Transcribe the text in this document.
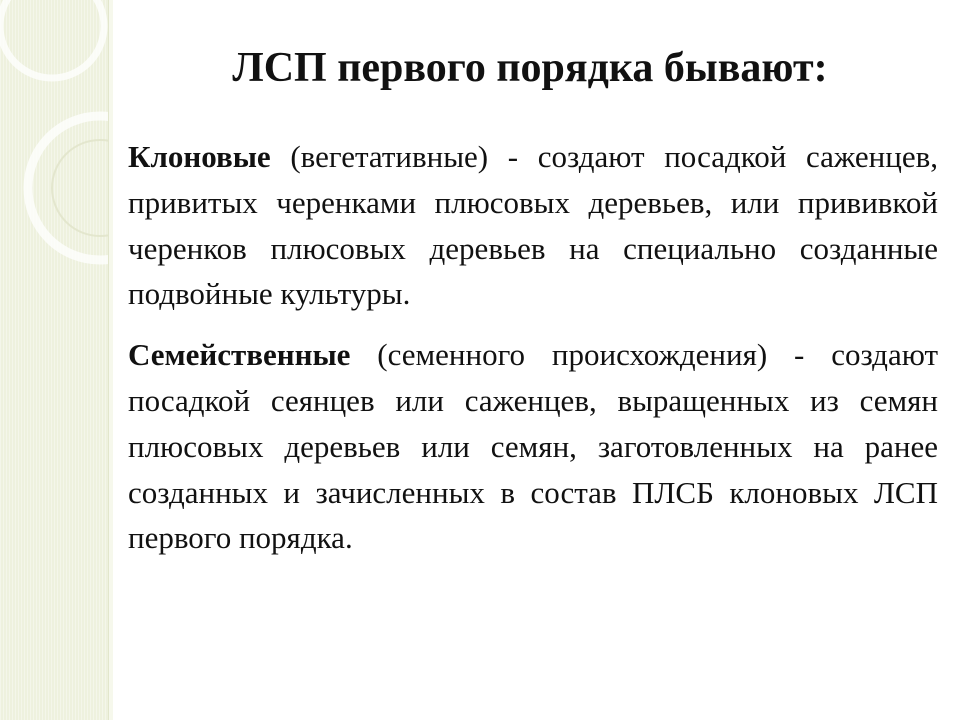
ЛСП первого порядка бывают:

Клоновые (вегетативные) - создают посадкой саженцев, привитых черенками плюсовых деревьев, или прививкой черенков плюсовых деревьев на специально созданные подвойные культуры.

Семейственные (семенного происхождения) - создают посадкой сеянцев или саженцев, выращенных из семян плюсовых деревьев или семян, заготовленных на ранее созданных и зачисленных в состав ПЛСБ клоновых ЛСП первого порядка.
